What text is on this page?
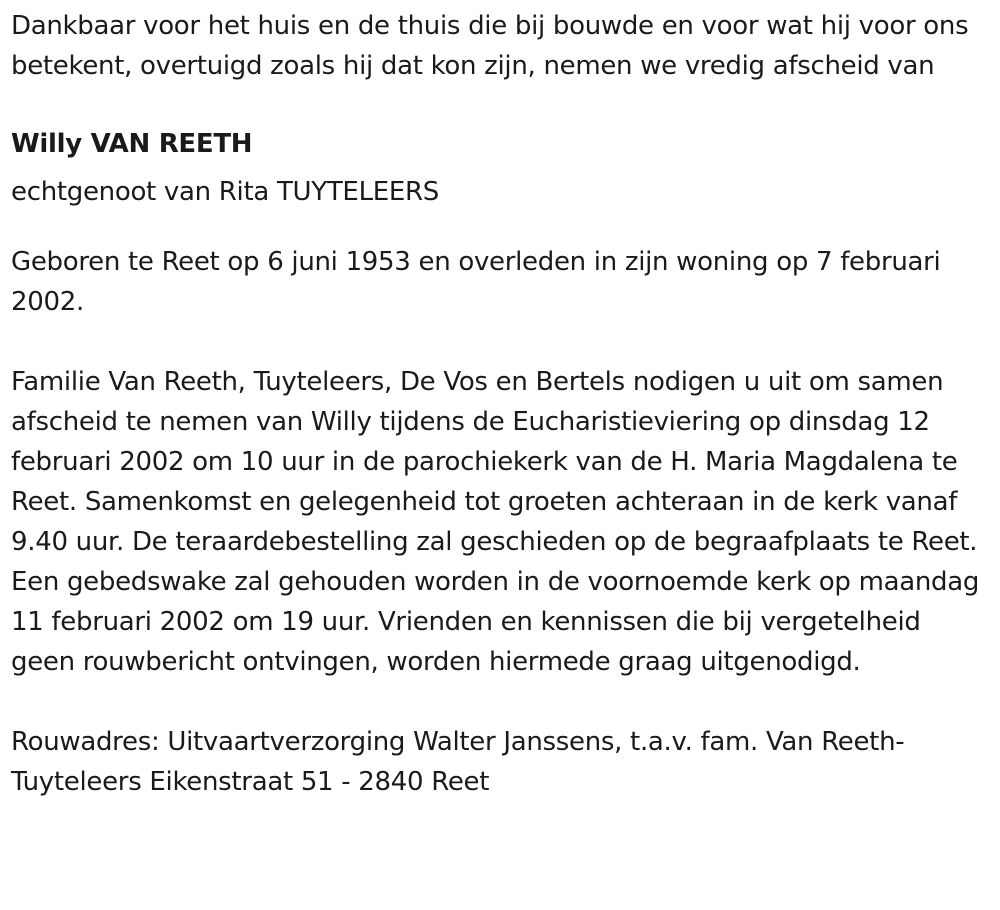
Dankbaar voor het huis en de thuis die bij bouwde en voor wat hij voor ons betekent, overtuigd zoals hij dat kon zijn, nemen we vredig afscheid van

Willy VAN REETH

echtgenoot van Rita TUYTELEERS

Geboren te Reet op 6 juni 1953 en overleden in zijn woning op 7 februari 2002.

Familie Van Reeth, Tuyteleers, De Vos en Bertels nodigen u uit om samen afscheid te nemen van Willy tijdens de Eucharistieviering op dinsdag 12 februari 2002 om 10 uur in de parochiekerk van de H. Maria Magdalena te Reet. Samenkomst en gelegenheid tot groeten achteraan in de kerk vanaf 9.40 uur. De teraardebestelling zal geschieden op de begraafplaats te Reet. Een gebedswake zal gehouden worden in de voornoemde kerk op maandag 11 februari 2002 om 19 uur. Vrienden en kennissen die bij vergetelheid geen rouwbericht ontvingen, worden hiermede graag uitgenodigd.

Rouwadres: Uitvaartverzorging Walter Janssens, t.a.v. fam. Van Reeth-Tuyteleers Eikenstraat 51 - 2840 Reet
